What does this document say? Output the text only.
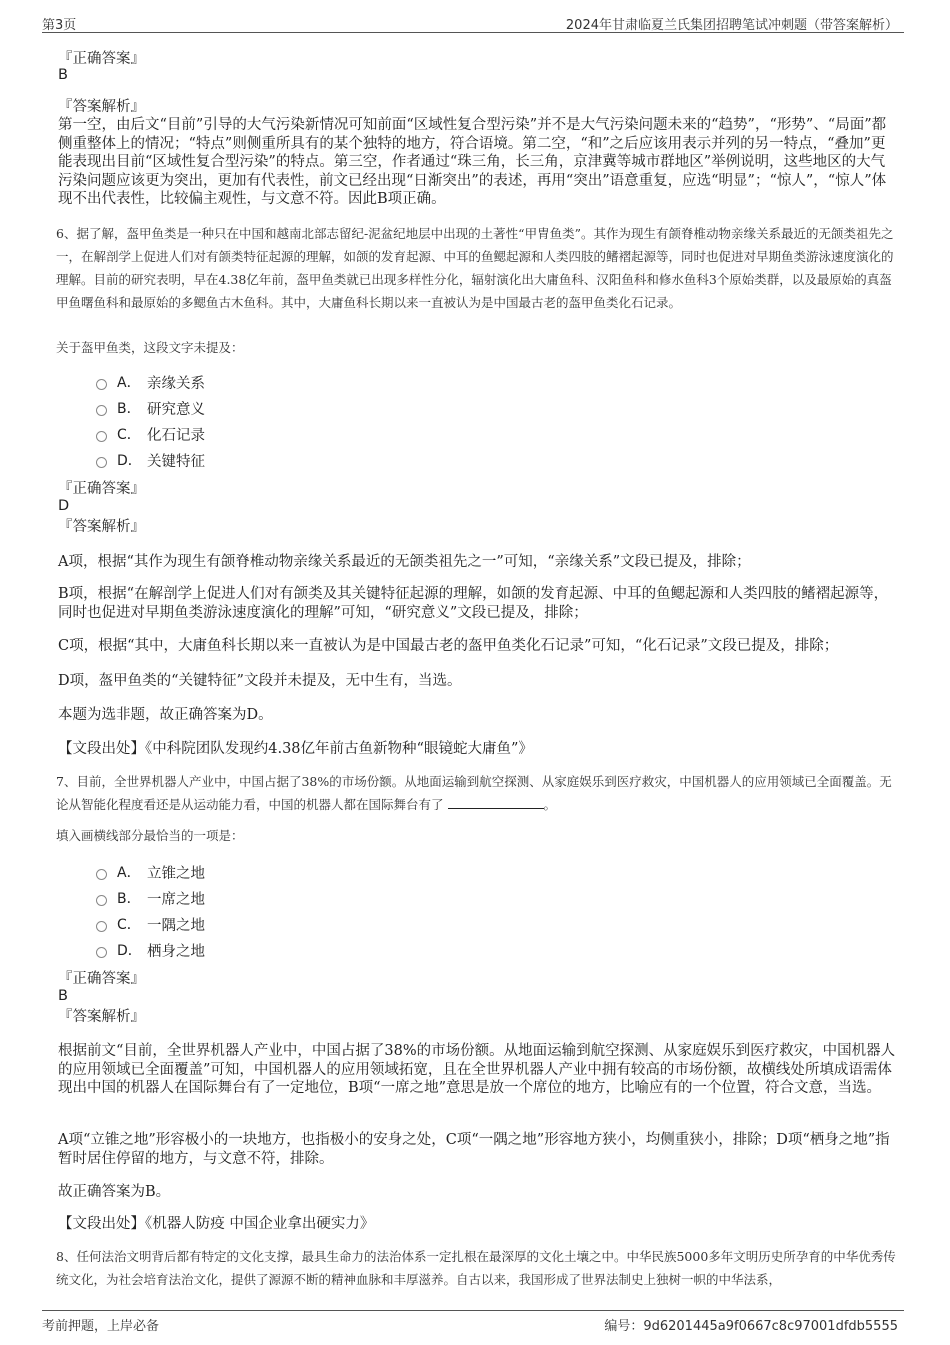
第3页	2024年甘肃临夏兰氏集团招聘笔试冲刺题（带答案解析）
『正确答案』
B
『答案解析』
第一空，由后文“目前”引导的大气污染新情况可知前面“区域性复合型污染”并不是大气污染问题未来的“趋势”，“形势”、“局面”都侧重整体上的情况；“特点”则侧重所具有的某个独特的地方，符合语境。第二空，“和”之后应该用表示并列的另一特点，“叠加”更能表现出目前“区域性复合型污染”的特点。第三空，作者通过“珠三角，长三角，京津冀等城市群地区”举例说明，这些地区的大气污染问题应该更为突出，更加有代表性，前文已经出现“日渐突出”的表述，再用“突出”语意重复，应选“明显”；“惊人”，“惊人”体现不出代表性，比较偏主观性，与文意不符。因此B项正确。
6、据了解，盔甲鱼类是一种只在中国和越南北部志留纪-泥盆纪地层中出现的土著性“甲胄鱼类”。其作为现生有颌脊椎动物亲缘关系最近的无颌类祖先之一，在解剖学上促进人们对有颌类特征起源的理解，如颌的发育起源、中耳的鱼鳃起源和人类四肢的鳍褶起源等，同时也促进对早期鱼类游泳速度演化的理解。目前的研究表明，早在4.38亿年前，盔甲鱼类就已出现多样性分化，辐射演化出大庸鱼科、汉阳鱼科和修水鱼科3个原始类群，以及最原始的真盔甲鱼曙鱼科和最原始的多鳃鱼古木鱼科。其中，大庸鱼科长期以来一直被认为是中国最古老的盔甲鱼类化石记录。
关于盔甲鱼类，这段文字未提及：
A． 亲缘关系
B． 研究意义
C． 化石记录
D． 关键特征
『正确答案』
D
『答案解析』
A项，根据“其作为现生有颌脊椎动物亲缘关系最近的无颌类祖先之一”可知，“亲缘关系”文段已提及，排除；
B项，根据“在解剖学上促进人们对有颌类及其关键特征起源的理解，如颌的发育起源、中耳的鱼鳃起源和人类四肢的鳍褶起源等，同时也促进对早期鱼类游泳速度演化的理解”可知，“研究意义”文段已提及，排除；
C项，根据“其中，大庸鱼科长期以来一直被认为是中国最古老的盔甲鱼类化石记录”可知，“化石记录”文段已提及，排除；
D项，盔甲鱼类的“关键特征”文段并未提及，无中生有，当选。
本题为选非题，故正确答案为D。
【文段出处】《中科院团队发现约4.38亿年前古鱼新物种“眼镜蛇大庸鱼”》
7、目前，全世界机器人产业中，中国占据了38%的市场份额。从地面运输到航空探测、从家庭娱乐到医疗救灾，中国机器人的应用领域已全面覆盖。无论从智能化程度看还是从运动能力看，中国的机器人都在国际舞台有了	。
填入画横线部分最恰当的一项是：
A． 立锥之地
B． 一席之地
C． 一隅之地
D． 栖身之地
『正确答案』
B
『答案解析』
根据前文“目前，全世界机器人产业中，中国占据了38%的市场份额。从地面运输到航空探测、从家庭娱乐到医疗救灾，中国机器人的应用领域已全面覆盖”可知，中国机器人的应用领域拓宽，且在全世界机器人产业中拥有较高的市场份额，故横线处所填成语需体现出中国的机器人在国际舞台有了一定地位，B项“一席之地”意思是放一个席位的地方，比喻应有的一个位置，符合文意，当选。
A项“立锥之地”形容极小的一块地方，也指极小的安身之处，C项“一隅之地”形容地方狭小，均侧重狭小，排除；D项“栖身之地”指暂时居住停留的地方，与文意不符，排除。
故正确答案为B。
【文段出处】《机器人防疫 中国企业拿出硬实力》
8、任何法治文明背后都有特定的文化支撑，最具生命力的法治体系一定扎根在最深厚的文化土壤之中。中华民族5000多年文明历史所孕育的中华优秀传统文化，为社会培育法治文化，提供了源源不断的精神血脉和丰厚滋养。自古以来，我国形成了世界法制史上独树一帜的中华法系，
考前押题，上岸必备	编号：9d6201445a9f0667c8c97001dfdb5555
